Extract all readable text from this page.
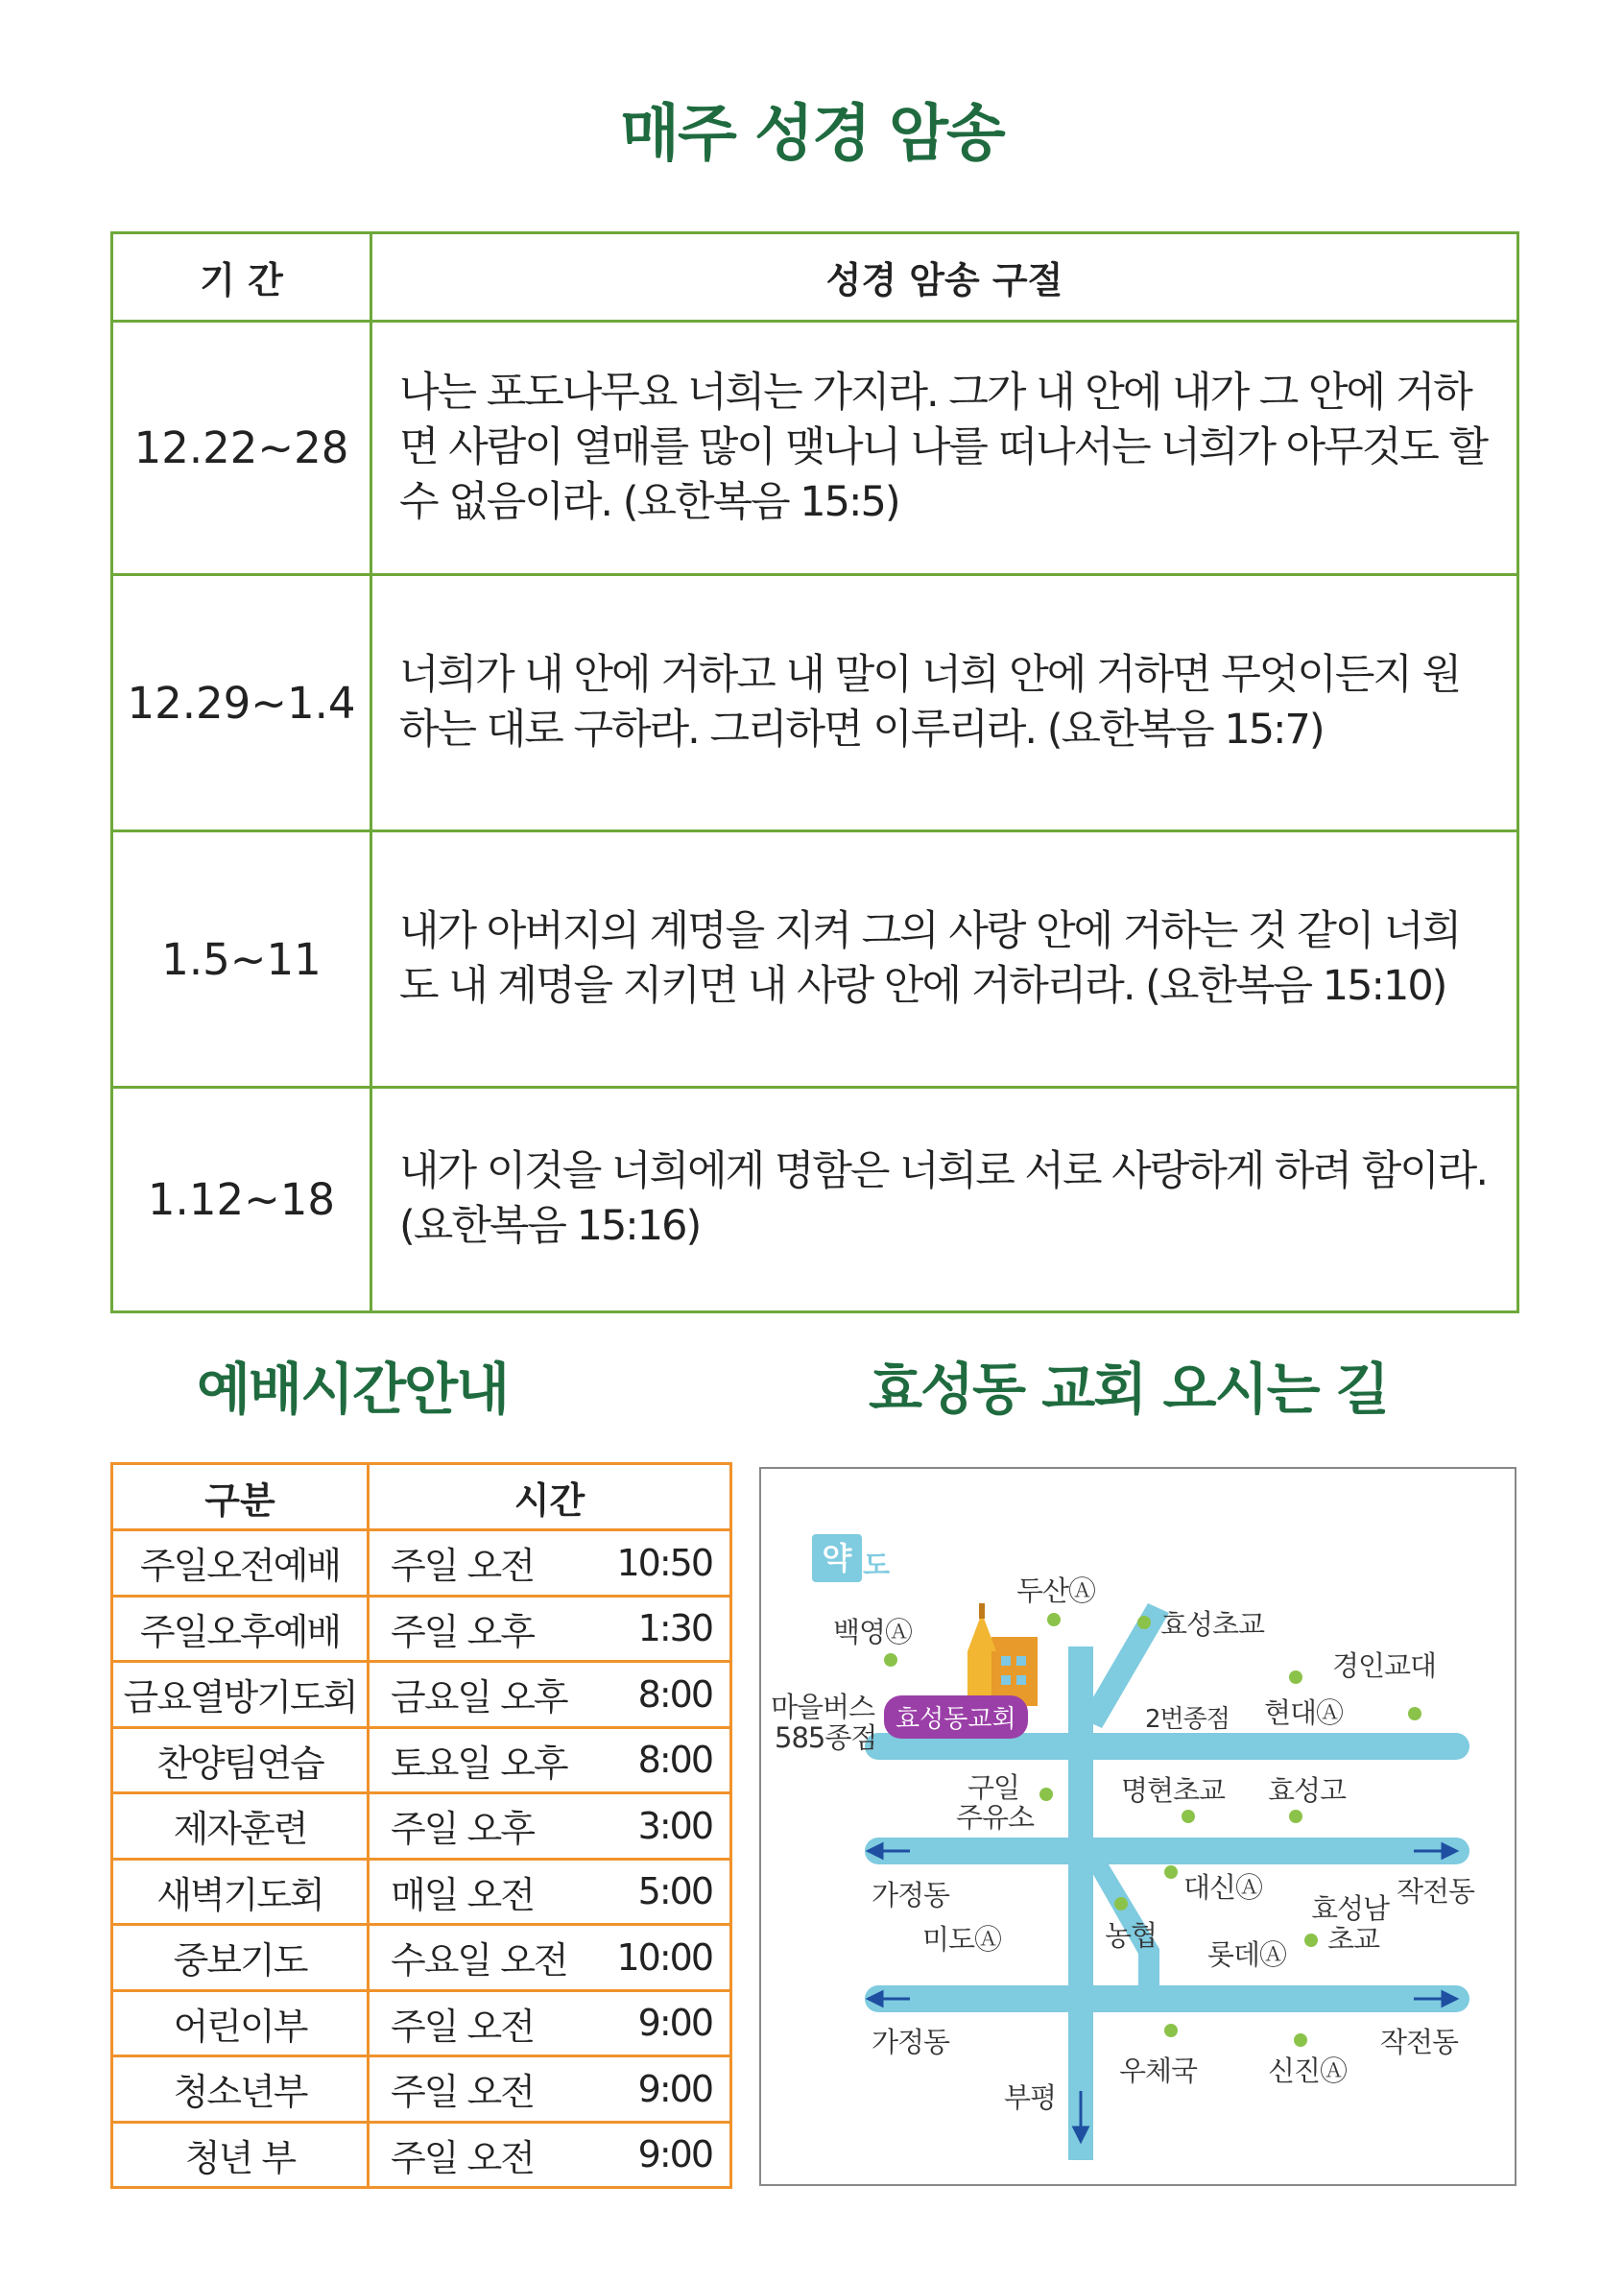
매주 성경 암송
기 간	성경 암송 구절
12.22~28	나는 포도나무요 너희는 가지라. 그가 내 안에 내가 그 안에 거하면 사람이 열매를 많이 맺나니 나를 떠나서는 너희가 아무것도 할 수 없음이라. (요한복음 15:5)
12.29~1.4	너희가 내 안에 거하고 내 말이 너희 안에 거하면 무엇이든지 원하는 대로 구하라. 그리하면 이루리라. (요한복음 15:7)
1.5~11	내가 아버지의 계명을 지켜 그의 사랑 안에 거하는 것 같이 너희도 내 계명을 지키면 내 사랑 안에 거하리라. (요한복음 15:10)
1.12~18	내가 이것을 너희에게 명함은 너희로 서로 사랑하게 하려 함이라. (요한복음 15:16)
예배시간안내	효성동 교회 오시는 길
구분	시간
주일오전예배	주일 오전 10:50

주일오후예배	주일 오후 1:30

금요열방기도회	금요일 오후 8:00

찬양팀연습	토요일 오후 8:00

제자훈련	주일 오후 3:00

새벽기도회	매일 오전 5:00

중보기도	수요일 오전 10:00

어린이부	주일 오전 9:00

청소년부	주일 오전 9:00

청년 부	주일 오전 9:00
약 도
효성동교회
마을버스
585종점
백영Ⓐ
두산Ⓐ
효성초교
경인교대
현대Ⓐ
2번종점
구일
주유소
명현초교 효성고
가정동	대신Ⓐ
효성남
초교
작전동
미도Ⓐ	농협
롯데Ⓐ
가정동	작전동
우체국	신진Ⓐ
부평
